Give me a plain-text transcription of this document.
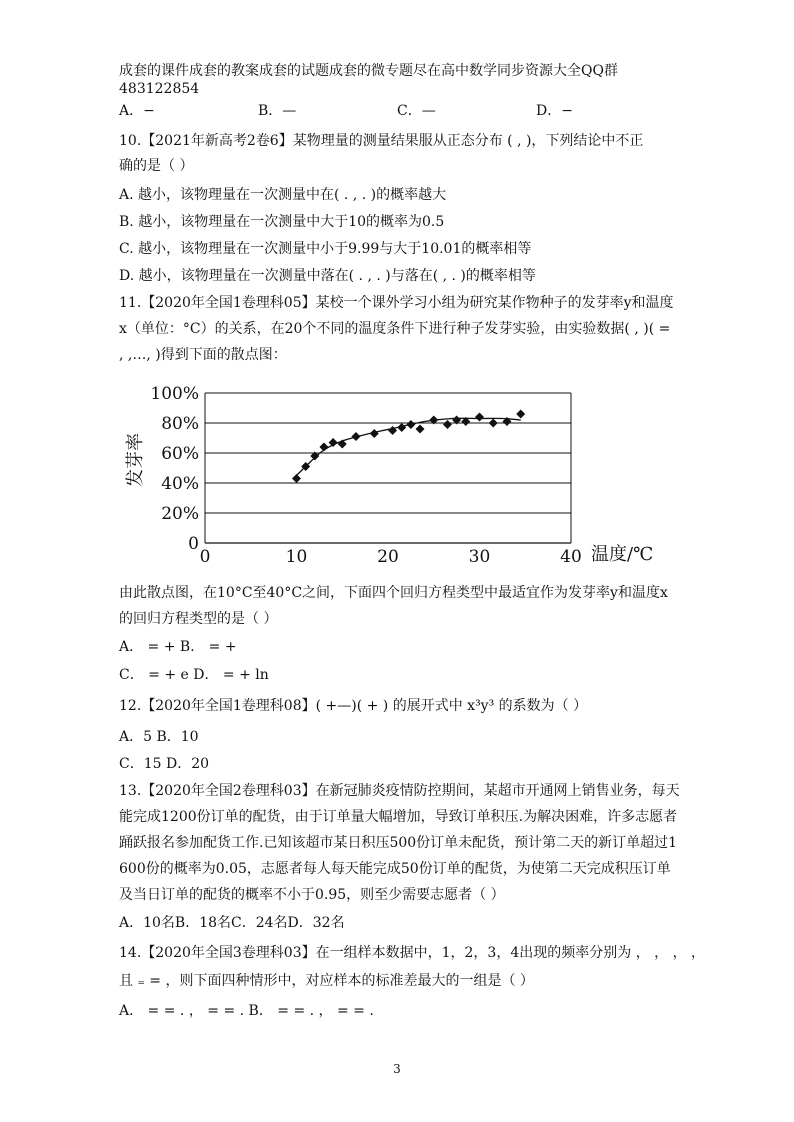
成套的课件成套的教案成套的试题成套的微专题尽在高中数学同步资源大全QQ群
483122854
A．−	B．—	C．—	D．−
10.【2021年新高考2卷6】某物理量的测量结果服从正态分布 ( , )，下列结论中不正
确的是（ ）
A. 越小，该物理量在一次测量中在( . , . )的概率越大
B. 越小，该物理量在一次测量中大于10的概率为0.5
C. 越小，该物理量在一次测量中小于9.99与大于10.01的概率相等
D. 越小，该物理量在一次测量中落在( . , . )与落在( , . )的概率相等
11.【2020年全国1卷理科05】某校一个课外学习小组为研究某作物种子的发芽率y和温度
x（单位：°C）的关系，在20个不同的温度条件下进行种子发芽实验，由实验数据( , )( =
, ,…, )得到下面的散点图：
0
20%
40%
60%
80%
100%
0	10	20	30	40
发芽率
温度/℃
由此散点图，在10°C至40°C之间，下面四个回归方程类型中最适宜作为发芽率y和温度x
的回归方程类型的是（ ）
A． = + B． = +
C． = + e D． = + ln
12.【2020年全国1卷理科08】( +—)( + ) 的展开式中 x³y³ 的系数为（ ）
A．5 B．10
C．15 D．20
13.【2020年全国2卷理科03】在新冠肺炎疫情防控期间，某超市开通网上销售业务，每天
能完成1200份订单的配货，由于订单量大幅增加，导致订单积压.为解决困难，许多志愿者
踊跃报名参加配货工作.已知该超市某日积压500份订单未配货，预计第二天的新订单超过1
600份的概率为0.05，志愿者每人每天能完成50份订单的配货，为使第二天完成积压订单
及当日订单的配货的概率不小于0.95，则至少需要志愿者（ ）
A．10名B．18名C．24名D．32名
14.【2020年全国3卷理科03】在一组样本数据中，1，2，3，4出现的频率分别为 ， ， ， ，
且 ₌ = ，则下面四种情形中，对应样本的标准差最大的一组是（ ）
A． = = . ， = = . B． = = . ， = = .
3
